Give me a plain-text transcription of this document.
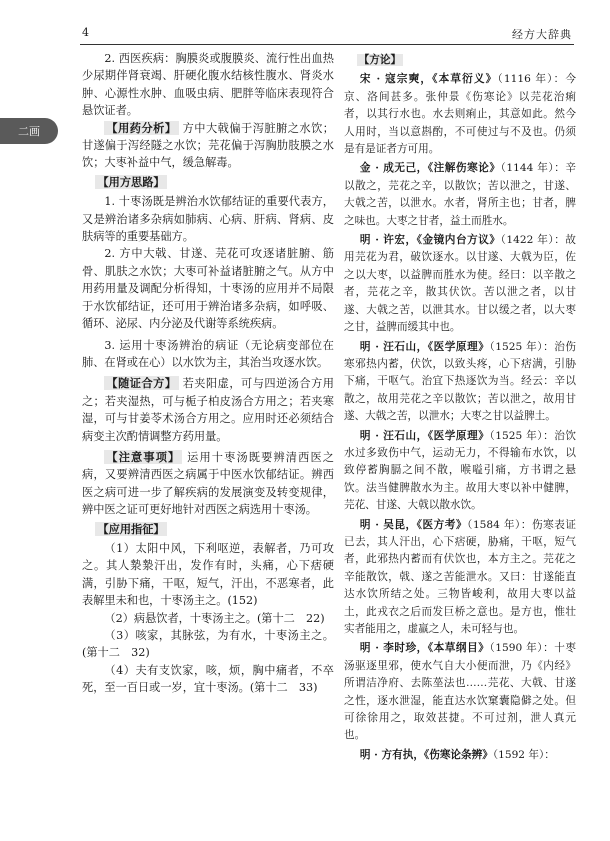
4	经方大辞典
二画

2. 西医疾病：胸膜炎或腹膜炎、流行性出血热少尿期伴肾衰竭、肝硬化腹水结核性腹水、肾炎水肿、心源性水肿、血吸虫病、肥胖等临床表现符合悬饮证者。

【用药分析】 方中大戟偏于泻脏腑之水饮；甘遂偏于泻经隧之水饮；芫花偏于泻胸肋肢膜之水饮；大枣补益中气，缓急解毒。

【用方思路】

1. 十枣汤既是辨治水饮郁结证的重要代表方，又是辨治诸多杂病如肺病、心病、肝病、肾病、皮肤病等的重要基础方。

2. 方中大戟、甘遂、芫花可攻逐诸脏腑、筋骨、肌肤之水饮；大枣可补益诸脏腑之气。从方中用药用量及调配分析得知，十枣汤的应用并不局限于水饮郁结证，还可用于辨治诸多杂病，如呼吸、循环、泌尿、内分泌及代谢等系统疾病。

3. 运用十枣汤辨治的病证（无论病变部位在肺、在肾或在心）以水饮为主，其治当攻逐水饮。

【随证合方】 若夹阳虚，可与四逆汤合方用之；若夹湿热，可与栀子柏皮汤合方用之；若夹寒湿，可与甘姜苓术汤合方用之。应用时还必须结合病变主次酌情调整方药用量。

【注意事项】 运用十枣汤既要辨清西医之病，又要辨清西医之病属于中医水饮郁结证。辨西医之病可进一步了解疾病的发展演变及转变规律，辨中医之证可更好地针对西医之病选用十枣汤。

【应用指征】

（1）太阳中风，下利呕逆，表解者，乃可攻之。其人漐漐汗出，发作有时，头痛，心下痞硬满，引胁下痛，干呕，短气，汗出，不恶寒者，此表解里未和也，十枣汤主之。(152)

（2）病悬饮者，十枣汤主之。(第十二　22)

（3）咳家，其脉弦，为有水，十枣汤主之。(第十二　32)

（4）夫有支饮家，咳，烦，胸中痛者，不卒死，至一百日或一岁，宜十枣汤。(第十二　33)

【方论】

宋 · 寇宗奭，《本草衍义》（1116 年）：今京、洛间甚多。张仲景《伤寒论》以芫花治痢者，以其行水也。水去则痢止，其意如此。然今人用时，当以意斟酌，不可使过与不及也。仍须是有是证者方可用。

金 · 成无己，《注解伤寒论》（1144 年）：辛以散之，芫花之辛，以散饮；苦以泄之，甘遂、大戟之苦，以泄水。水者，肾所主也；甘者，脾之味也。大枣之甘者，益土而胜水。

明 · 许宏，《金镜内台方议》（1422 年）：故用芫花为君，破饮逐水。以甘遂、大戟为臣，佐之以大枣，以益脾而胜水为使。经曰：以辛散之者，芫花之辛，散其伏饮。苦以泄之者，以甘遂、大戟之苦，以泄其水。甘以缓之者，以大枣之甘，益脾而缓其中也。

明 · 汪石山，《医学原理》（1525 年）：治伤寒邪热内蓄，伏饮，以致头疼，心下痞满，引胁下痛，干呕气。治宜下热逐饮为当。经云：辛以散之，故用芫花之辛以散饮；苦以泄之，故用甘遂、大戟之苦，以泄水；大枣之甘以益脾土。

明 · 汪石山，《医学原理》（1525 年）：治饮水过多致伤中气，运动无力，不得输布水饮，以致停蓄胸膈之间不散，喉嗌引痛，方书谓之悬饮。法当健脾散水为主。故用大枣以补中健脾，芫花、甘遂、大戟以散水饮。

明 · 吴昆，《医方考》（1584 年）：伤寒表证已去，其人汗出，心下痞硬，胁痛，干呕，短气者，此邪热内蓄而有伏饮也，本方主之。芫花之辛能散饮，戟、遂之苦能泄水。又曰：甘遂能直达水饮所结之处。三物皆峻利，故用大枣以益土，此戎衣之后而发巨桥之意也。是方也，惟壮实者能用之，虚羸之人，未可轻与也。

明 · 李时珍，《本草纲目》（1590 年）：十枣汤驱逐里邪，使水气自大小便而泄，乃《内经》所谓洁净府、去陈莝法也……芫花、大戟、甘遂之性，逐水泄湿，能直达水饮窠囊隐僻之处。但可徐徐用之，取效甚捷。不可过剂，泄人真元也。

明 · 方有执，《伤寒论条辨》（1592 年）：
